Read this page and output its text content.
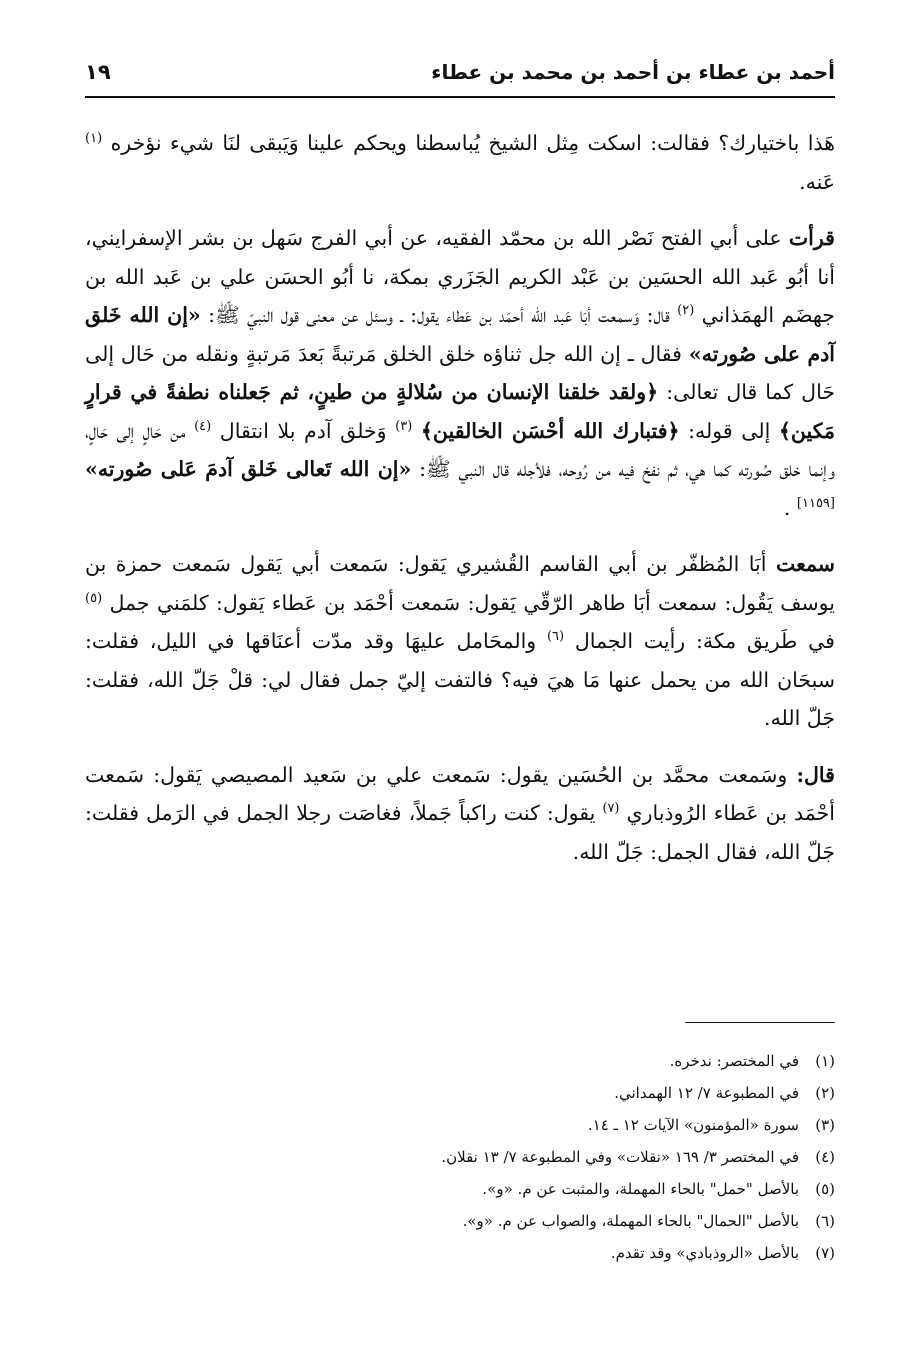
أحمد بن عطاء بن أحمد بن محمد بن عطاء
١٩

هَذا باختيارك؟ فقالت: اسكت مِثل الشيخ يُباسطنا ويحكم علينا وَيَبقى لنَا شيء نؤخره $^{(١)}$ عَنه.

قرأت على أبي الفتح نَصْر الله بن محمّد الفقيه، عن أبي الفرج سَهل بن بشر الإسفرايني، أنا أبُو عَبد الله الحسَين بن عَبْد الكريم الجَزَري بمكة، نا أبُو الحسَن علي بن عَبد الله بن جهضَم الهمَذاني $^{(٢)}$ قال: وَسمعت أبَا عَبد الله أحمَد بن عَطاء يقول: ـ وسئل عن معنى قول النبيّ ﷺ: «إن الله خَلق آدم على صُورته» فقال ـ إن الله جل ثناؤه خلق الخلق مَرتبةً بَعدَ مَرتبةٍ ونقله من حَال إلى حَال كما قال تعالى: ﴿ولقد خلقنا الإنسان من سُلالةٍ من طينٍ، ثم جَعلناه نطفةً في قرارٍ مَكين﴾ إلى قوله: ﴿فتبارك الله أحْسَن الخالقين﴾ $^{(٣)}$ وَخلق آدم بلا انتقال $^{(٤)}$ من حَالٍ إلى حَالٍ، وإنما خلق صُورته كما هي، ثم نفخ فيه من رُوحه، فلأجله قال النبي ﷺ: «إن الله تَعالى خَلق آدمَ عَلى صُورته» [١١٥٩] .

سمعت أبَا المُظفّر بن أبي القاسم القُشيري يَقول: سَمعت أبي يَقول سَمعت حمزة بن يوسف يَقُول: سمعت أبَا طاهر الرّقّي يَقول: سَمعت أحْمَد بن عَطاء يَقول: كلمَني جمل $^{(٥)}$ في طَريق مكة: رأيت الجمال $^{(٦)}$ والمحَامل عليهَا وقد مدّت أعنَاقها في الليل، فقلت: سبحَان الله من يحمل عنها مَا هيَ فيه؟ فالتفت إليّ جمل فقال لي: قلْ جَلّ الله، فقلت: جَلّ الله.

قال: وسَمعت محمَّد بن الحُسَين يقول: سَمعت علي بن سَعيد المصيصي يَقول: سَمعت أحْمَد بن عَطاء الرُوذباري $^{(٧)}$ يقول: كنت راكباً جَملاً، فغاصَت رجلا الجمل في الرَمل فقلت: جَلّ الله، فقال الجمل: جَلّ الله.

(١)في المختصر: ندخره.
(٢)في المطبوعة ٧/ ١٢ الهمداني.
(٣)سورة «المؤمنون» الآيات ١٢ ـ ١٤.
(٤)في المختصر ٣/ ١٦٩ «نقلات» وفي المطبوعة ٧/ ١٣ نقلان.
(٥)بالأصل "حمل" بالحاء المهملة، والمثبت عن م. «و».
(٦)بالأصل "الحمال" بالحاء المهملة، والصواب عن م. «و».
(٧)بالأصل «الروذبادي» وقد تقدم.
